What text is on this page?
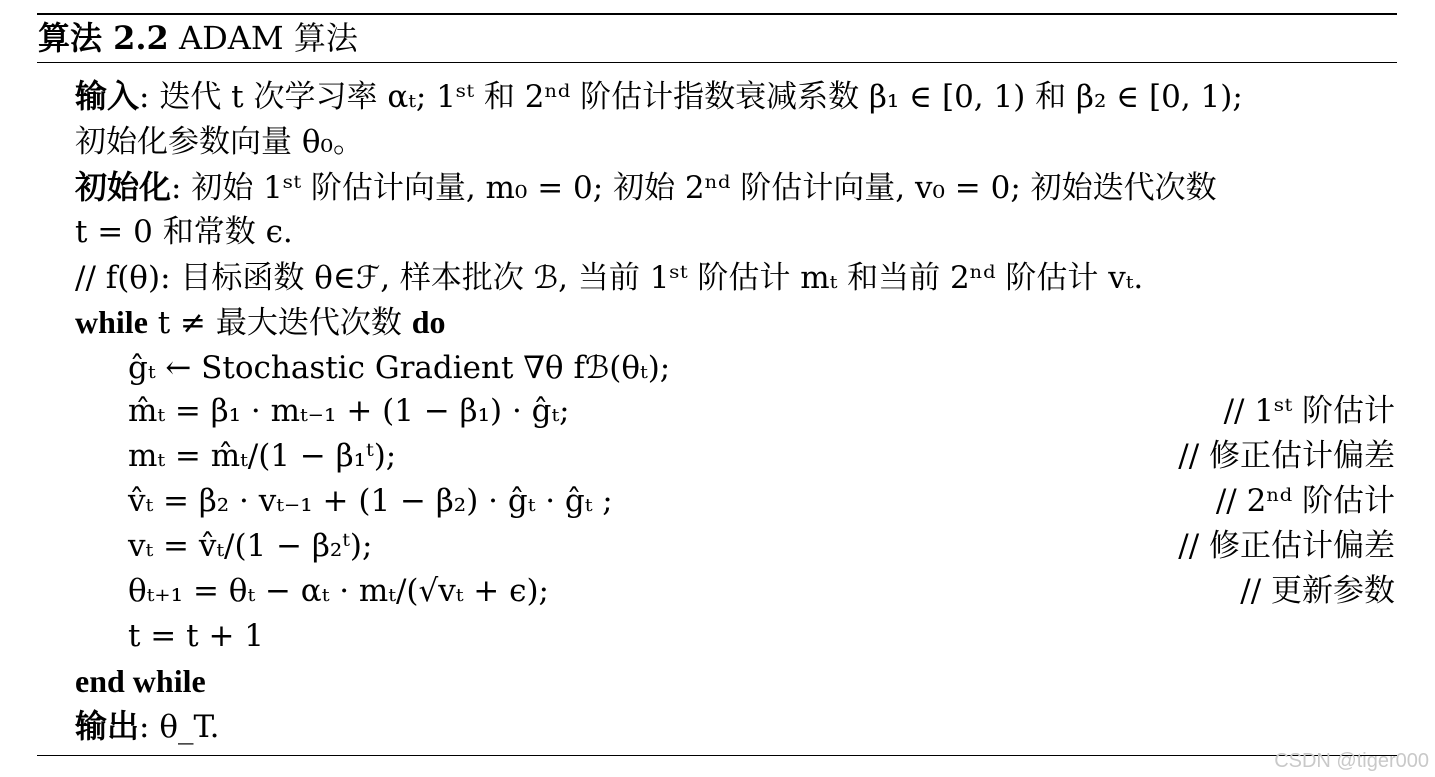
算法 2.2 ADAM 算法
输入: 迭代 t 次学习率 αₜ; 1ˢᵗ 和 2ⁿᵈ 阶估计指数衰减系数 β₁ ∈ [0, 1) 和 β₂ ∈ [0, 1);
初始化参数向量 θ₀。
初始化: 初始 1ˢᵗ 阶估计向量, m₀ = 0; 初始 2ⁿᵈ 阶估计向量, v₀ = 0; 初始迭代次数
t = 0 和常数 ϵ.
// f(θ): 目标函数 θ∈ℱ, 样本批次 ℬ, 当前 1ˢᵗ 阶估计 mₜ 和当前 2ⁿᵈ 阶估计 vₜ.
while t ≠ 最大迭代次数 do
ĝₜ ← Stochastic Gradient ∇θ fℬ(θₜ);
m̂ₜ = β₁ · mₜ₋₁ + (1 − β₁) · ĝₜ;	// 1ˢᵗ 阶估计
mₜ = m̂ₜ/(1 − β₁ᵗ);	// 修正估计偏差
v̂ₜ = β₂ · vₜ₋₁ + (1 − β₂) · ĝₜ · ĝₜ ;	// 2ⁿᵈ 阶估计
vₜ = v̂ₜ/(1 − β₂ᵗ);	// 修正估计偏差
θₜ₊₁ = θₜ − αₜ · mₜ/(√vₜ + ϵ);	// 更新参数
t = t + 1
end while
输出: θ_T.
CSDN @tiger000
